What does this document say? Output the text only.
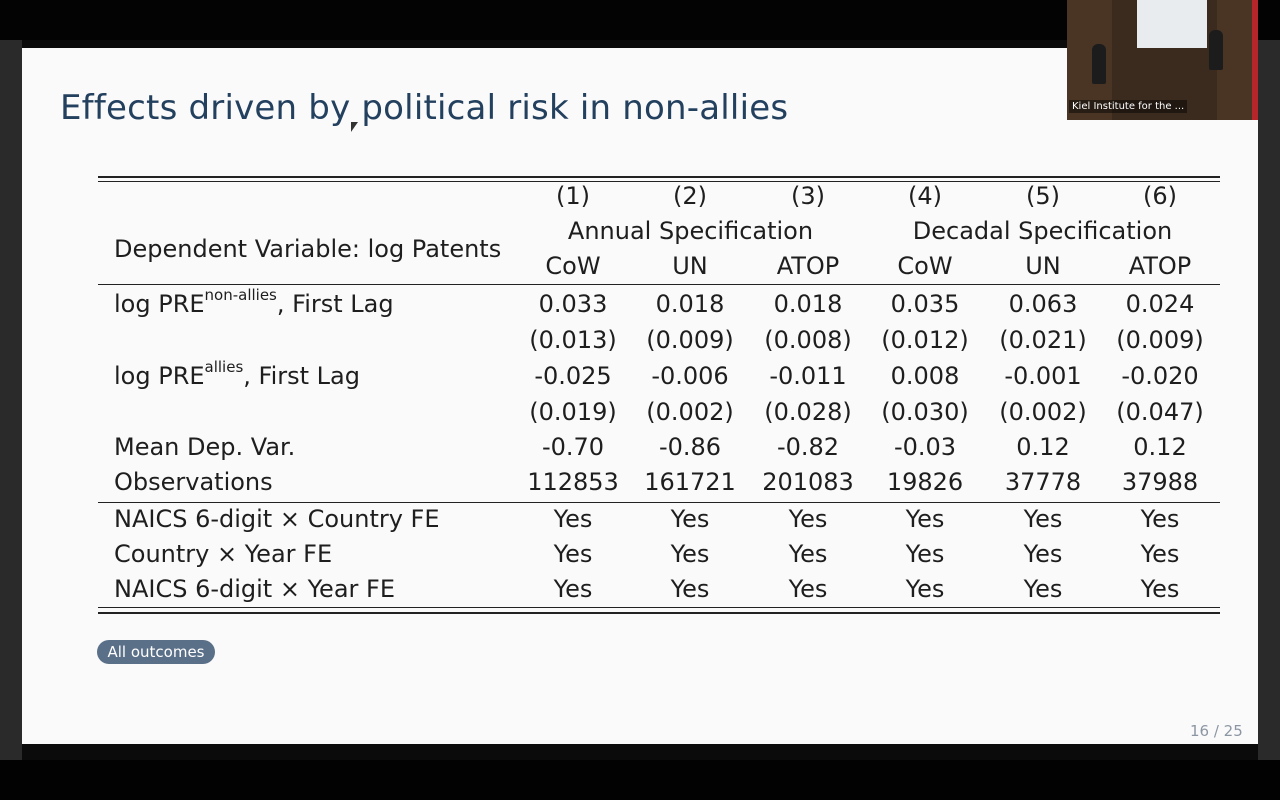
Effects driven by political risk in non-allies
(1)	(2)	(3)	(4)	(5)	(6)
Annual Specification	Decadal Specification
CoW	UN	ATOP	CoW	UN	ATOP
Dependent Variable: log Patents
$\log PRE^{non-allies}$, First Lag	0.033	0.018	0.018	0.035	0.063	0.024
(0.013)	(0.009)	(0.008)	(0.012)	(0.021)	(0.009)
$\log PRE^{allies}$, First Lag	-0.025	-0.006	-0.011	0.008	-0.001	-0.020
(0.019)	(0.002)	(0.028)	(0.030)	(0.002)	(0.047)
Mean Dep. Var.	-0.70	-0.86	-0.82	-0.03	0.12	0.12
Observations	112853	161721	201083	19826	37778	37988
NAICS 6-digit × Country FE	Yes	Yes	Yes	Yes	Yes	Yes
Country × Year FE	Yes	Yes	Yes	Yes	Yes	Yes
NAICS 6-digit × Year FE	Yes	Yes	Yes	Yes	Yes	Yes
All outcomes
16 / 25
Kiel Institute for the ...
